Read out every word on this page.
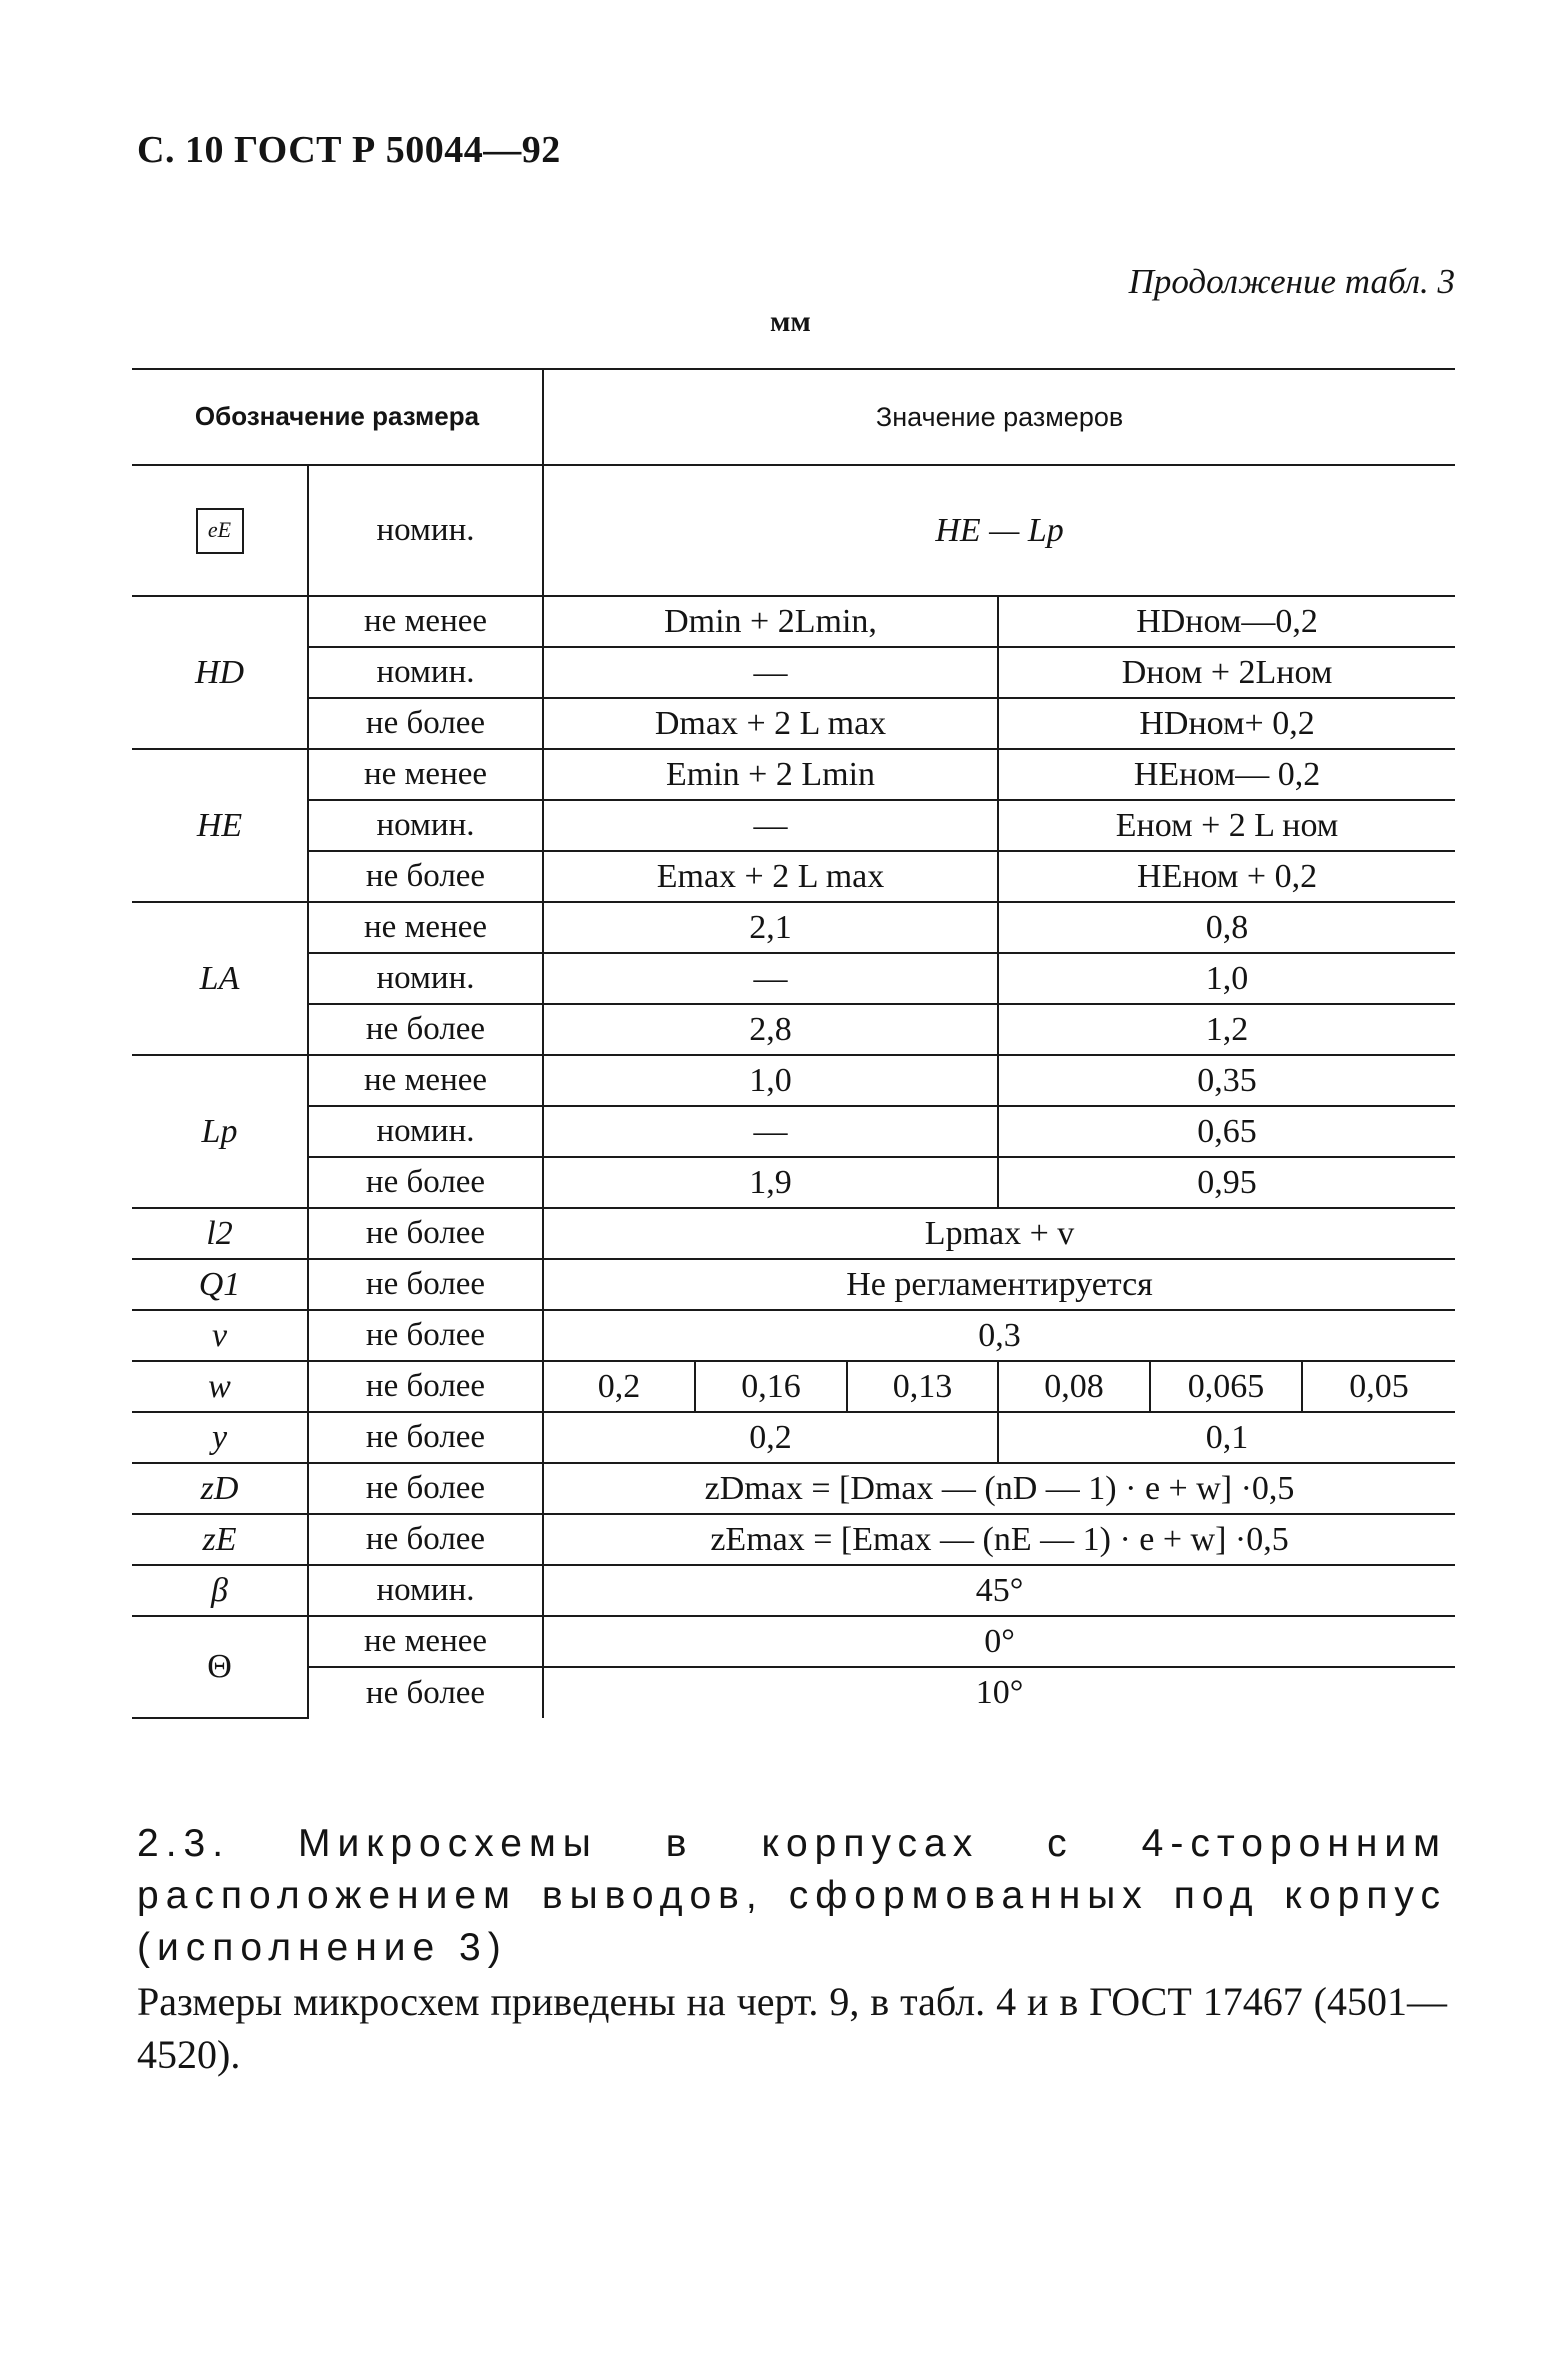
С. 10 ГОСТ Р 50044—92
Продолжение табл. 3
мм
Обозначение размера		Значение размеров					
eE	номин.	HE — Lp					
HD	не менее	Dmin + 2Lmin,			HDном—0,2		
	номин.	—			Dном + 2Lном		
	не более	Dmax + 2 L max			HDном+ 0,2		
HE	не менее	Emin + 2 Lmin			HEном— 0,2		
	номин.	—			Eном + 2 L ном		
	не более	Emax + 2 L max			HEном + 0,2		
LA	не менее	2,1			0,8		
	номин.	—			1,0		
	не более	2,8			1,2		
Lp	не менее	1,0			0,35		
	номин.	—			0,65		
	не более	1,9			0,95		
l2	не более	Lpmax + v					
Q1	не более	Не регламентируется					
v	не более	0,3					
w	не более	0,2	0,16	0,13	0,08	0,065	0,05
y	не более	0,2			0,1		
zD	не более	zDmax = [Dmax — (nD — 1) · e + w] ·0,5					
zE	не более	zEmax = [Emax — (nE — 1) · e + w] ·0,5					
β	номин.	45°					
Θ	не менее	0°					
	не более	10°					
2.3. Микросхемы в корпусах с 4-сторонним расположением выводов, сформованных под корпус (исполнение 3)
Размеры микросхем приведены на черт. 9, в табл. 4 и в ГОСТ 17467 (4501—4520).
